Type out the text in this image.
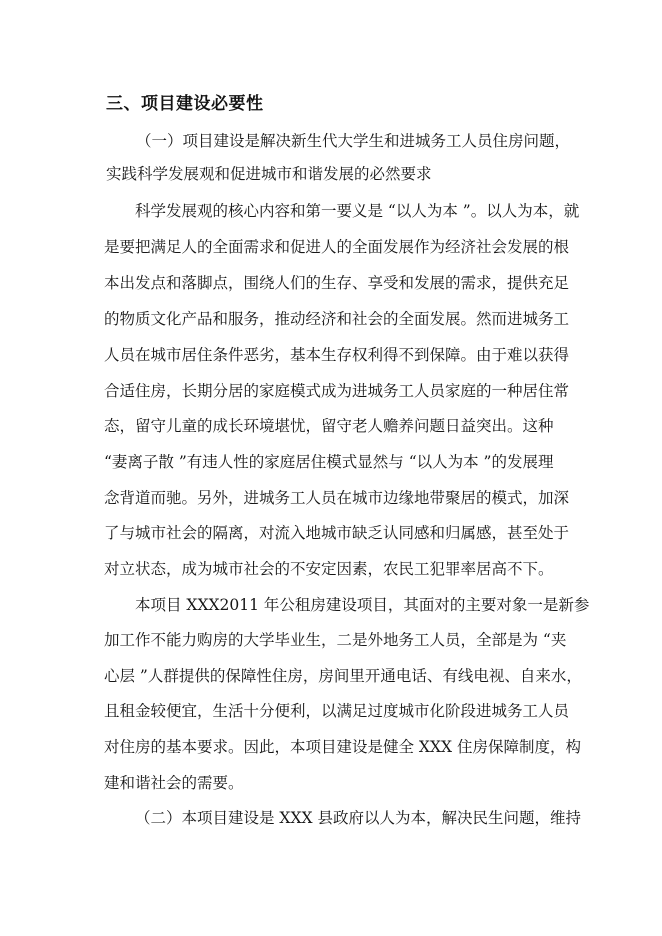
三、项目建设必要性
（一）项目建设是解决新生代大学生和进城务工人员住房问题，
实践科学发展观和促进城市和谐发展的必然要求
科学发展观的核心内容和第一要义是 “以人为本 ”。以人为本，就
是要把满足人的全面需求和促进人的全面发展作为经济社会发展的根
本出发点和落脚点，围绕人们的生存、享受和发展的需求，提供充足
的物质文化产品和服务，推动经济和社会的全面发展。然而进城务工
人员在城市居住条件恶劣，基本生存权利得不到保障。由于难以获得
合适住房，长期分居的家庭模式成为进城务工人员家庭的一种居住常
态，留守儿童的成长环境堪忧，留守老人赡养问题日益突出。这种
“妻离子散 ”有违人性的家庭居住模式显然与 “以人为本 ”的发展理
念背道而驰。另外，进城务工人员在城市边缘地带聚居的模式，加深
了与城市社会的隔离，对流入地城市缺乏认同感和归属感，甚至处于
对立状态，成为城市社会的不安定因素，农民工犯罪率居高不下。
本项目 XXX2011 年公租房建设项目，其面对的主要对象一是新参
加工作不能力购房的大学毕业生，二是外地务工人员，全部是为 “夹
心层 ”人群提供的保障性住房，房间里开通电话、有线电视、自来水，
且租金较便宜，生活十分便利，以满足过度城市化阶段进城务工人员
对住房的基本要求。因此，本项目建设是健全 XXX 住房保障制度，构
建和谐社会的需要。
（二）本项目建设是 XXX 县政府以人为本，解决民生问题，维持
